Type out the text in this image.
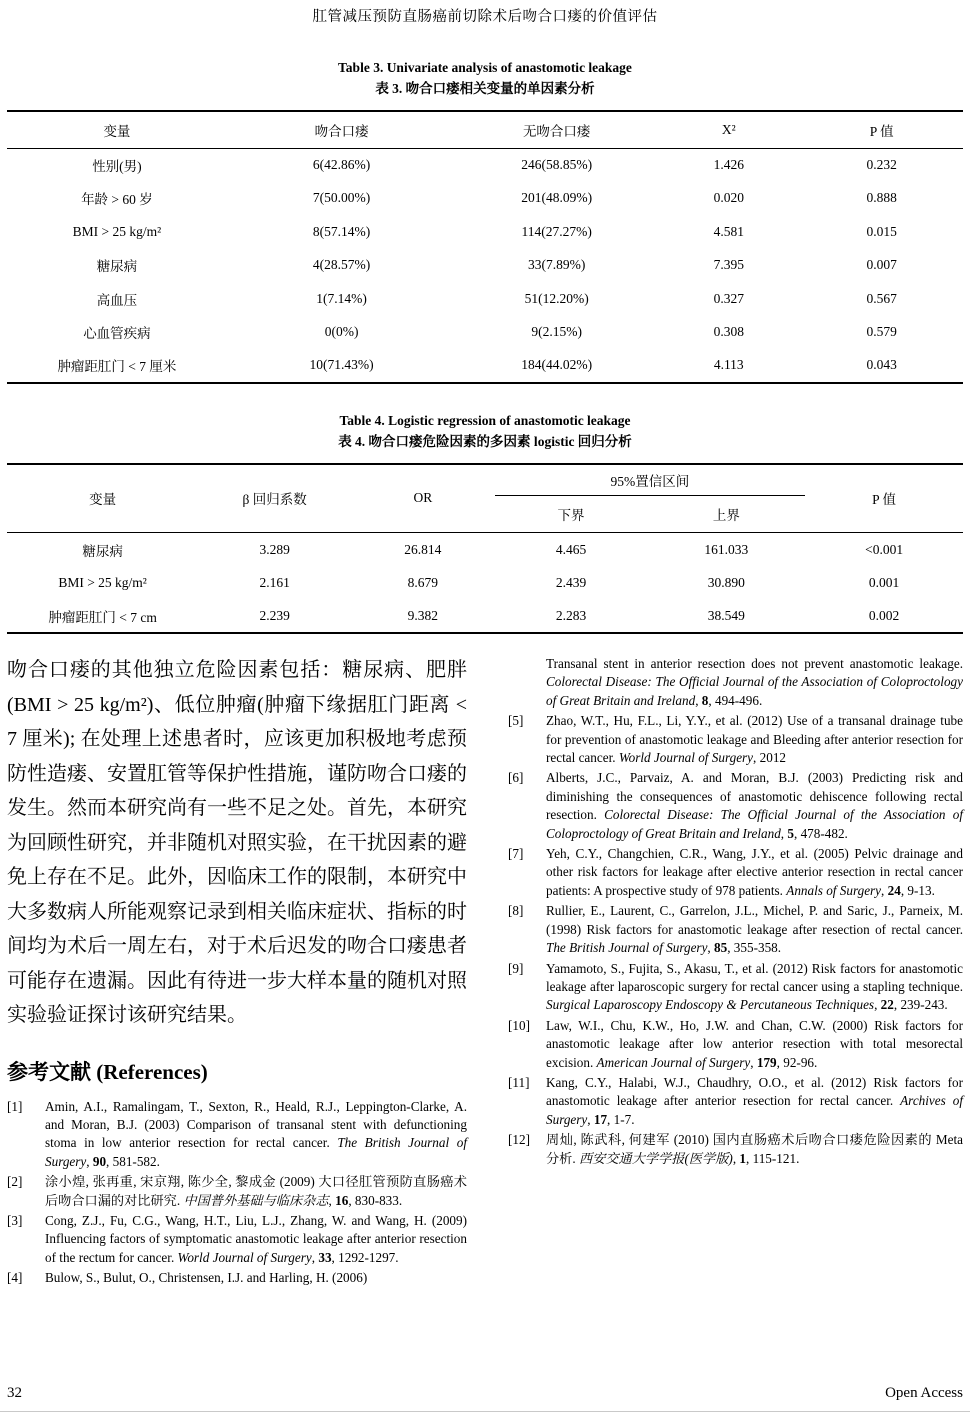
肛管减压预防直肠癌前切除术后吻合口瘘的价值评估
Table 3. Univariate analysis of anastomotic leakage
表 3. 吻合口瘘相关变量的单因素分析
变量	吻合口瘘	无吻合口瘘	X²	P 值
性别(男)	6(42.86%)	246(58.85%)	1.426	0.232
年龄 > 60 岁	7(50.00%)	201(48.09%)	0.020	0.888
BMI > 25 kg/m²	8(57.14%)	114(27.27%)	4.581	0.015
糖尿病	4(28.57%)	33(7.89%)	7.395	0.007
高血压	1(7.14%)	51(12.20%)	0.327	0.567
心血管疾病	0(0%)	9(2.15%)	0.308	0.579
肿瘤距肛门 < 7 厘米	10(71.43%)	184(44.02%)	4.113	0.043
Table 4. Logistic regression of anastomotic leakage
表 4. 吻合口瘘危险因素的多因素 logistic 回归分析
变量	β 回归系数	OR	95%置信区间		P 值
			下界	上界	
糖尿病	3.289	26.814	4.465	161.033	<0.001
BMI > 25 kg/m²	2.161	8.679	2.439	30.890	0.001
肿瘤距肛门 < 7 cm	2.239	9.382	2.283	38.549	0.002

吻合口瘘的其他独立危险因素包括：糖尿病、肥胖(BMI > 25 kg/m²)、低位肿瘤(肿瘤下缘据肛门距离 < 7 厘米); 在处理上述患者时，应该更加积极地考虑预防性造瘘、安置肛管等保护性措施，谨防吻合口瘘的发生。然而本研究尚有一些不足之处。首先，本研究为回顾性研究，并非随机对照实验，在干扰因素的避免上存在不足。此外，因临床工作的限制，本研究中大多数病人所能观察记录到相关临床症状、指标的时间均为术后一周左右，对于术后迟发的吻合口瘘患者可能存在遗漏。因此有待进一步大样本量的随机对照实验验证探讨该研究结果。

参考文献 (References)
[1]	Amin, A.I., Ramalingam, T., Sexton, R., Heald, R.J., Leppington-Clarke, A. and Moran, B.J. (2003) Comparison of transanal stent with defunctioning stoma in low anterior resection for rectal cancer. The British Journal of Surgery, 90, 581-582.
[2]	涂小煌, 张再重, 宋京翔, 陈少全, 黎成金 (2009) 大口径肛管预防直肠癌术后吻合口漏的对比研究. 中国普外基础与临床杂志, 16, 830-833.
[3]	Cong, Z.J., Fu, C.G., Wang, H.T., Liu, L.J., Zhang, W. and Wang, H. (2009) Influencing factors of symptomatic anastomotic leakage after anterior resection of the rectum for cancer. World Journal of Surgery, 33, 1292-1297.
[4]	Bulow, S., Bulut, O., Christensen, I.J. and Harling, H. (2006)
Transanal stent in anterior resection does not prevent anastomotic leakage. Colorectal Disease: The Official Journal of the Association of Coloproctology of Great Britain and Ireland, 8, 494-496.
[5]	Zhao, W.T., Hu, F.L., Li, Y.Y., et al. (2012) Use of a transanal drainage tube for prevention of anastomotic leakage and Bleeding after anterior resection for rectal cancer. World Journal of Surgery, 2012
[6]	Alberts, J.C., Parvaiz, A. and Moran, B.J. (2003) Predicting risk and diminishing the consequences of anastomotic dehiscence following rectal resection. Colorectal Disease: The Official Journal of the Association of Coloproctology of Great Britain and Ireland, 5, 478-482.
[7]	Yeh, C.Y., Changchien, C.R., Wang, J.Y., et al. (2005) Pelvic drainage and other risk factors for leakage after elective anterior resection in rectal cancer patients: A prospective study of 978 patients. Annals of Surgery, 24, 9-13.
[8]	Rullier, E., Laurent, C., Garrelon, J.L., Michel, P. and Saric, J., Parneix, M. (1998) Risk factors for anastomotic leakage after resection of rectal cancer. The British Journal of Surgery, 85, 355-358.
[9]	Yamamoto, S., Fujita, S., Akasu, T., et al. (2012) Risk factors for anastomotic leakage after laparoscopic surgery for rectal cancer using a stapling technique. Surgical Laparoscopy Endoscopy & Percutaneous Techniques, 22, 239-243.
[10]	Law, W.I., Chu, K.W., Ho, J.W. and Chan, C.W. (2000) Risk factors for anastomotic leakage after low anterior resection with total mesorectal excision. American Journal of Surgery, 179, 92-96.
[11]	Kang, C.Y., Halabi, W.J., Chaudhry, O.O., et al. (2012) Risk factors for anastomotic leakage after anterior resection for rectal cancer. Archives of Surgery, 17, 1-7.
[12]	周灿, 陈武科, 何建军 (2010) 国内直肠癌术后吻合口瘘危险因素的 Meta 分析. 西安交通大学学报(医学版), 1, 115-121.
32	Open Access
